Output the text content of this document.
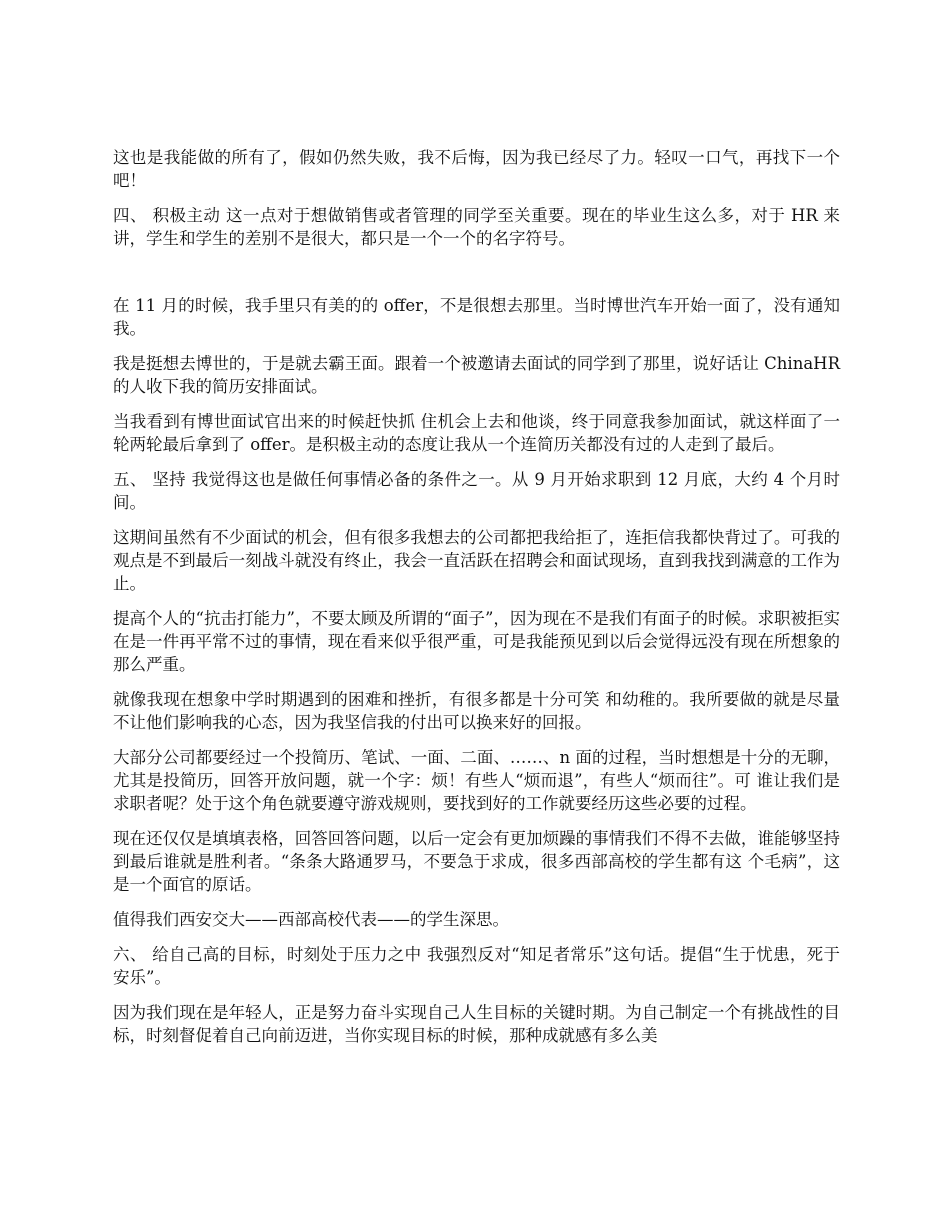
这也是我能做的所有了，假如仍然失败，我不后悔，因为我已经尽了力。轻叹一口气，再找下一个吧！

四、 积极主动 这一点对于想做销售或者管理的同学至关重要。现在的毕业生这么多，对于 HR 来讲，学生和学生的差别不是很大，都只是一个一个的名字符号。

在 11 月的时候，我手里只有美的的 offer，不是很想去那里。当时博世汽车开始一面了，没有通知我。

我是挺想去博世的，于是就去霸王面。跟着一个被邀请去面试的同学到了那里，说好话让 ChinaHR 的人收下我的简历安排面试。

当我看到有博世面试官出来的时候赶快抓 住机会上去和他谈，终于同意我参加面试，就这样面了一轮两轮最后拿到了 offer。是积极主动的态度让我从一个连简历关都没有过的人走到了最后。

五、 坚持 我觉得这也是做任何事情必备的条件之一。从 9 月开始求职到 12 月底，大约 4 个月时间。

这期间虽然有不少面试的机会，但有很多我想去的公司都把我给拒了，连拒信我都快背过了。可我的观点是不到最后一刻战斗就没有终止，我会一直活跃在招聘会和面试现场，直到我找到满意的工作为 止。

提高个人的“抗击打能力”，不要太顾及所谓的“面子”，因为现在不是我们有面子的时候。求职被拒实在是一件再平常不过的事情，现在看来似乎很严重，可是我能预见到以后会觉得远没有现在所想象的那么严重。

就像我现在想象中学时期遇到的困难和挫折，有很多都是十分可笑 和幼稚的。我所要做的就是尽量不让他们影响我的心态，因为我坚信我的付出可以换来好的回报。

大部分公司都要经过一个投简历、笔试、一面、二面、……、n 面的过程，当时想想是十分的无聊，尤其是投简历，回答开放问题，就一个字：烦！有些人“烦而退”，有些人“烦而往”。可 谁让我们是求职者呢？处于这个角色就要遵守游戏规则，要找到好的工作就要经历这些必要的过程。

现在还仅仅是填填表格，回答回答问题，以后一定会有更加烦躁的事情我们不得不去做，谁能够坚持到最后谁就是胜利者。“条条大路通罗马，不要急于求成，很多西部高校的学生都有这 个毛病”，这是一个面官的原话。

值得我们西安交大——西部高校代表——的学生深思。

六、 给自己高的目标，时刻处于压力之中 我强烈反对“知足者常乐”这句话。提倡“生于忧患，死于安乐”。

因为我们现在是年轻人，正是努力奋斗实现自己人生目标的关键时期。为自己制定一个有挑战性的目标，时刻督促着自己向前迈进，当你实现目标的时候，那种成就感有多么美
